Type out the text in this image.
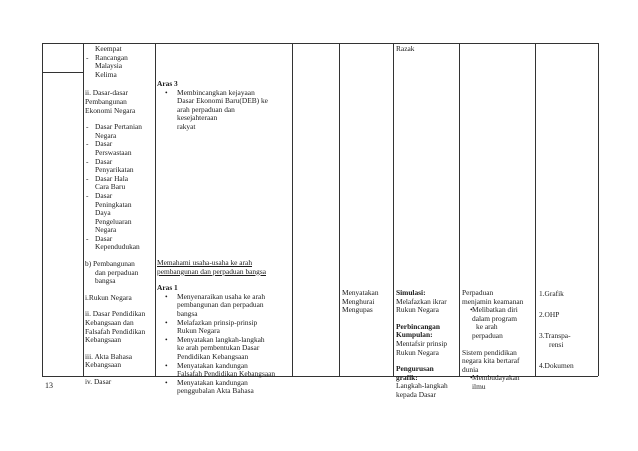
Keempat
- Rancangan
Malaysia
Kelima
ii. Dasar-dasar
Pembangunan
Ekonomi Negara
- Dasar Pertanian
Negara
- Dasar
Perswastaan
- Dasar
Penyarikatan
- Dasar Hala
Cara Baru
- Dasar
Peningkatan
Daya
Pengeluaran
Negara
- Dasar
Kependudukan
b) Pembangunan
dan perpaduan
bangsa
i.Rukun Negara
ii. Dasar Pendidikan
Kebangsaan dan
Falsafah Pendidikan
Kebangsaan
iii. Akta Bahasa
Kebangsaan
iv. Dasar
Aras 3
• Membincangkan kejayaan
Dasar Ekonomi Baru(DEB) ke
arah perpaduan dan
kesejahteraan
rakyat
Memahami usaha-usaha ke arah
pembangunan dan perpaduan bangsa
Aras 1
• Menyenaraikan usaha ke arah
pembangunan dan perpaduan
bangsa
• Melafazkan prinsip-prinsip
Rukun Negara
• Menyatakan langkah-langkah
ke arah pembentukan Dasar
Pendidikan Kebangsaan
• Menyatakan kandungan
Falsafah Pendidikan Kebangsaan
• Menyatakan kandungan
penggubalan Akta Bahasa
Menyatakan
Menghurai
Mengupas
Razak
Simulasi:
Melafazkan ikrar
Rukun Negara
Perbincangan
Kumpulan:
Mentafsir prinsip
Rukun Negara
Pengurusan
grafik:
Langkah-langkah
kepada Dasar
Perpaduan
menjamin keamanan
• Melibatkan diri
dalam program
ke arah
perpaduan
Sistem pendidikan
negara kita bertaraf
dunia
• Membudayakan
ilmu
1.Grafik
2.OHP
3.Transpa-
rensi
4.Dokumen
13
